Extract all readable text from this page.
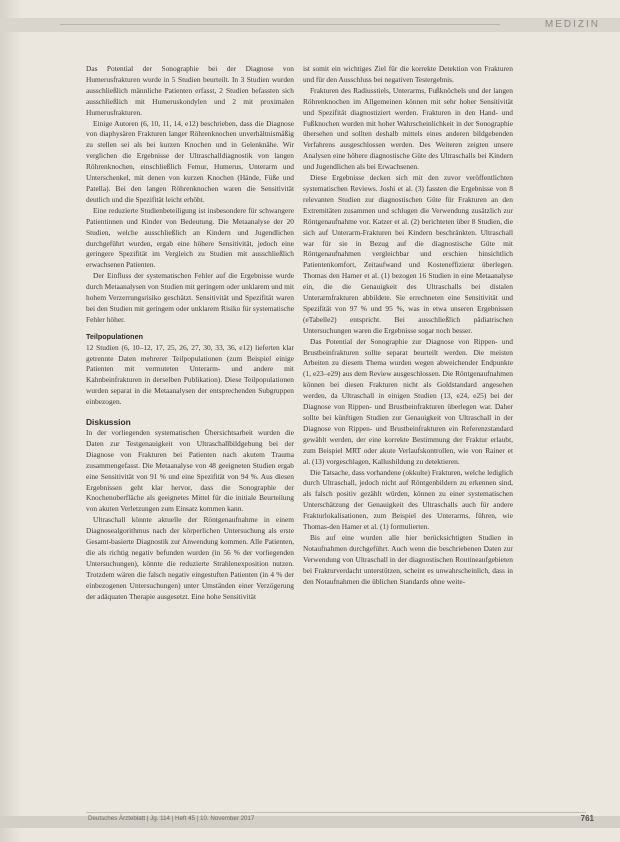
MEDIZIN

Das Potential der Sonographie bei der Diagnose von Humerusfrakturen wurde in 5 Studien beurteilt. In 3 Studien wurden ausschließlich männliche Patienten erfasst, 2 Studien befassten sich ausschließlich mit Humeruskondylen und 2 mit proximalen Humerusfrakturen.

Einige Autoren (6, 10, 11, 14, e12) beschrieben, dass die Diagnose von diaphysären Frakturen langer Röhrenknochen unverhältnismäßig zu stellen sei als bei kurzen Knochen und in Gelenknähe. Wir verglichen die Ergebnisse der Ultraschalldiagnostik von langen Röhrenknochen, einschließlich Femur, Humerus, Unterarm und Unterschenkel, mit denen von kurzen Knochen (Hände, Füße und Patella). Bei den langen Röhrenknochen waren die Sensitivität deutlich und die Spezifität leicht erhöht.

Eine reduzierte Studienbeteiligung ist insbesondere für schwangere Patientinnen und Kinder von Bedeutung. Die Metaanalyse der 20 Studien, welche ausschließlich an Kindern und Jugendlichen durchgeführt wurden, ergab eine höhere Sensitivität, jedoch eine geringere Spezifität im Vergleich zu Studien mit ausschließlich erwachsenen Patienten.

Der Einfluss der systematischen Fehler auf die Ergebnisse wurde durch Metaanalysen von Studien mit geringem oder unklarem und mit hohem Verzerrungsrisiko geschätzt. Sensitivität und Spezifität waren bei den Studien mit geringem oder unklarem Risiko für systematische Fehler höher.

Teilpopulationen

12 Studien (6, 10–12, 17, 25, 26, 27, 30, 33, 36, e12) lieferten klar getrennte Daten mehrerer Teilpopulationen (zum Beispiel einige Patienten mit vermuteten Unterarm- und andere mit Kahnbeinfrakturen in derselben Publikation). Diese Teilpopulationen wurden separat in die Metaanalysen der entsprechenden Subgruppen einbezogen.

Diskussion

In der vorliegenden systematischen Übersichtsarbeit wurden die Daten zur Testgenauigkeit von Ultraschallbildgebung bei der Diagnose von Frakturen bei Patienten nach akutem Trauma zusammengefasst. Die Metaanalyse von 48 geeigneten Studien ergab eine Sensitivität von 91 % und eine Spezifität von 94 %. Aus diesen Ergebnissen geht klar hervor, dass die Sonographie der Knochenoberfläche als geeignetes Mittel für die initiale Beurteilung von akuten Verletzungen zum Einsatz kommen kann.

Ultraschall könnte aktuelle der Röntgenaufnahme in einem Diagnosealgorithmus nach der körperlichen Untersuchung als erste Gesamt-basierte Diagnostik zur Anwendung kommen. Alle Patienten, die als richtig negativ befunden wurden (in 56 % der vorliegenden Untersuchungen), könnte die reduzierte Strahlenexposition nutzen. Trotzdem wären die falsch negativ eingestuften Patienten (in 4 % der einbezogenen Untersuchungen) unter Umständen einer Verzögerung der adäquaten Therapie ausgesetzt. Eine hohe Sensitivität

ist somit ein wichtiges Ziel für die korrekte Detektion von Frakturen und für den Ausschluss bei negativen Testergebnis.

Frakturen des Radiusstiels, Unterarms, Fußknöchels und der langen Röhrenknochen im Allgemeinen können mit sehr hoher Sensitivität und Spezifität diagnostiziert werden. Frakturen in den Hand- und Fußknochen wurden mit hoher Wahrscheinlichkeit in der Sonographie übersehen und sollten deshalb mittels eines anderen bildgebenden Verfahrens ausgeschlossen werden. Des Weiteren zeigten unsere Analysen eine höhere diagnostische Güte des Ultraschalls bei Kindern und Jugendlichen als bei Erwachsenen.

Diese Ergebnisse decken sich mit den zuvor veröffentlichten systematischen Reviews. Joshi et al. (3) fassten die Ergebnisse von 8 relevanten Studien zur diagnostischen Güte für Frakturen an den Extremitäten zusammen und schlugen die Verwendung zusätzlich zur Röntgenaufnahme vor. Katzer et al. (2) berichteten über 8 Studien, die sich auf Unterarm-Frakturen bei Kindern beschränkten. Ultraschall war für sie in Bezug auf die diagnostische Güte mit Röntgenaufnahmen vergleichbar und erschien hinsichtlich Patientenkomfort, Zeitaufwand und Kosteneffizienz überlegen. Thomas den Hamer et al. (1) bezogen 16 Studien in eine Metaanalyse ein, die die Genauigkeit des Ultraschalls bei distalen Unterarmfrakturen abbildete. Sie errechneten eine Sensitivität und Spezifität von 97 % und 95 %, was in etwa unseren Ergebnissen (eTabelle2) entspricht. Bei ausschließlich pädiatrischen Untersuchungen waren die Ergebnisse sogar noch besser.

Das Potential der Sonographie zur Diagnose von Rippen- und Brustbeinfrakturen sollte separat beurteilt werden. Die meisten Arbeiten zu diesem Thema wurden wegen abweichender Endpunkte (1, e23–e29) aus dem Review ausgeschlossen. Die Röntgenaufnahmen können bei diesen Frakturen nicht als Goldstandard angesehen werden, da Ultraschall in einigen Studien (13, e24, e25) bei der Diagnose von Rippen- und Brustbeinfrakturen überlegen war. Daher sollte bei künftigen Studien zur Genauigkeit von Ultraschall in der Diagnose von Rippen- und Brustbeinfrakturen ein Referenzstandard gewählt werden, der eine korrekte Bestimmung der Fraktur erlaubt, zum Beispiel MRT oder akute Verlaufskontrollen, wie von Rainer et al. (13) vorgeschlagen, Kallusbildung zu detektieren.

Die Tatsache, dass vorhandene (okkulte) Frakturen, welche lediglich durch Ultraschall, jedoch nicht auf Röntgenbildern zu erkennen sind, als falsch positiv gezählt würden, können zu einer systematischen Unterschätzung der Genauigkeit des Ultraschalls auch für andere Frakturlokalisationen, zum Beispiel des Unterarms, führen, wie Thomas-den Hamer et al. (1) formulierten.

Bis auf eine wurden alle hier berücksichtigten Studien in Notaufnahmen durchgeführt. Auch wenn die beschriebenen Daten zur Verwendung von Ultraschall in der diagnostischen Routineaufgebieten bei Frakturverdacht unterstützen, scheint es unwahrscheinlich, dass in den Notaufnahmen die üblichen Standards ohne weite-

Deutsches Ärzteblatt | Jg. 114 | Heft 45 | 10. November 2017	761
